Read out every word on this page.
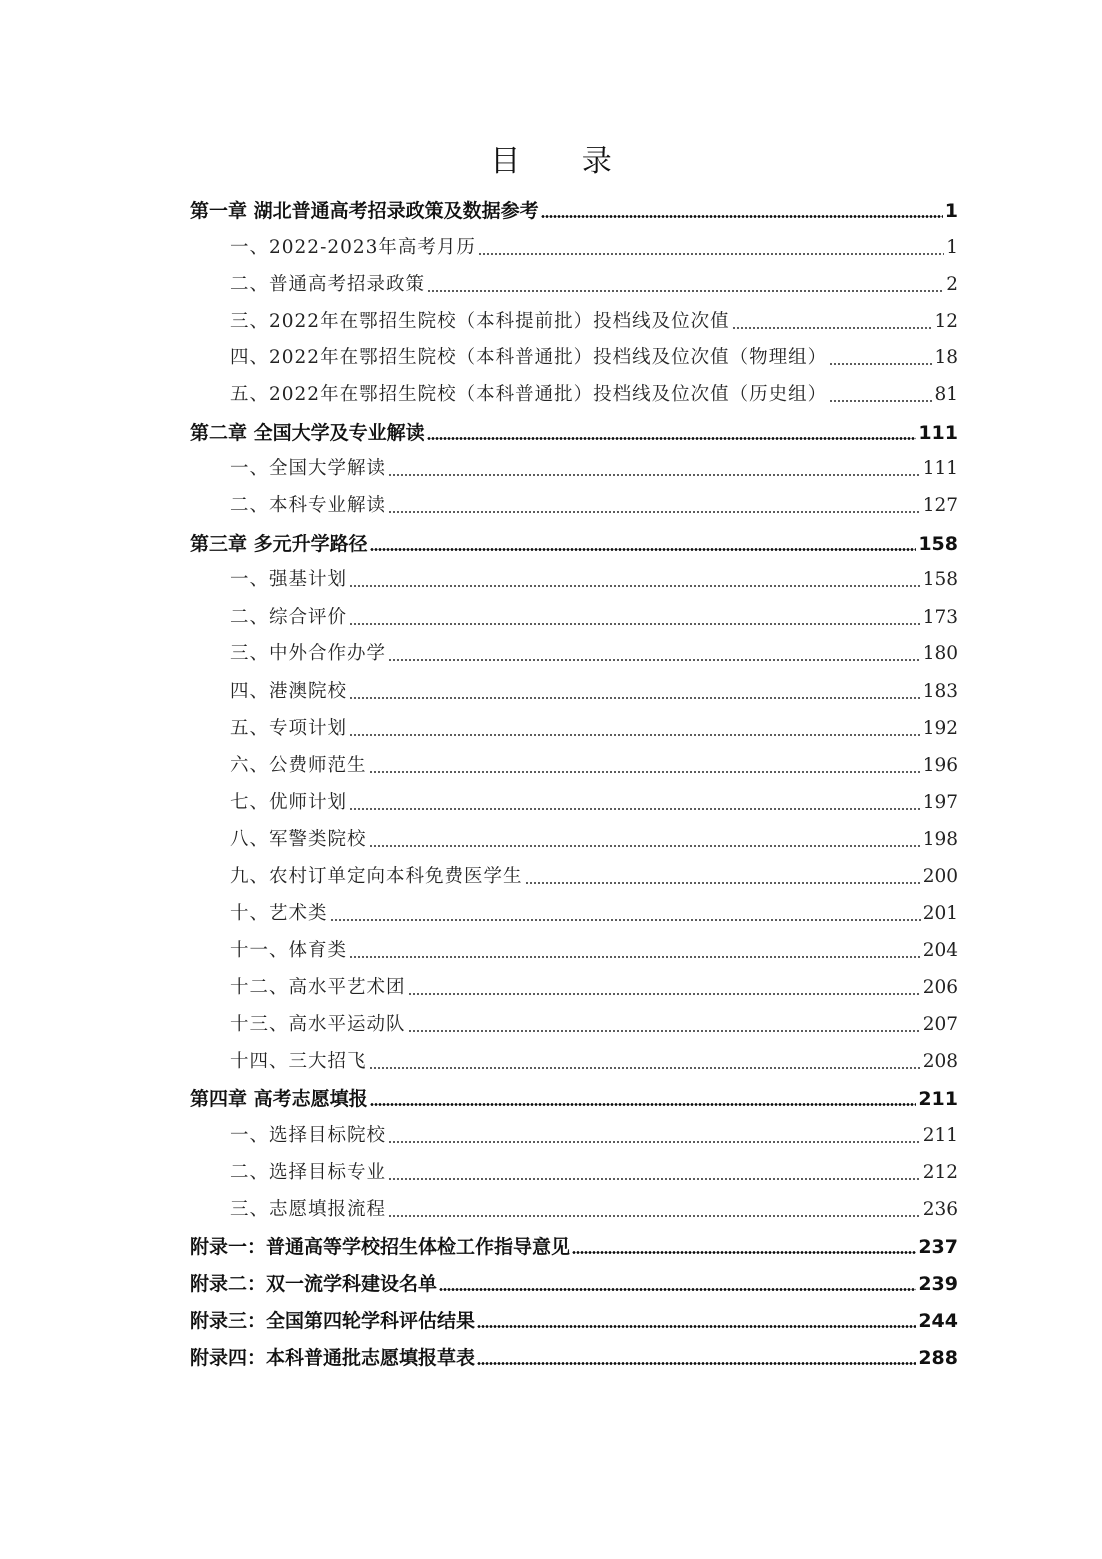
目 录
第一章 湖北普通高考招录政策及数据参考	1
一、2022-2023年高考月历	1
二、普通高考招录政策	2
三、2022年在鄂招生院校（本科提前批）投档线及位次值	12
四、2022年在鄂招生院校（本科普通批）投档线及位次值（物理组）	18
五、2022年在鄂招生院校（本科普通批）投档线及位次值（历史组）	81
第二章 全国大学及专业解读	111
一、全国大学解读	111
二、本科专业解读	127
第三章 多元升学路径	158
一、强基计划	158
二、综合评价	173
三、中外合作办学	180
四、港澳院校	183
五、专项计划	192
六、公费师范生	196
七、优师计划	197
八、军警类院校	198
九、农村订单定向本科免费医学生	200
十、艺术类	201
十一、体育类	204
十二、高水平艺术团	206
十三、高水平运动队	207
十四、三大招飞	208
第四章 高考志愿填报	211
一、选择目标院校	211
二、选择目标专业	212
三、志愿填报流程	236
附录一：普通高等学校招生体检工作指导意见	237
附录二：双一流学科建设名单	239
附录三：全国第四轮学科评估结果	244
附录四：本科普通批志愿填报草表	288
